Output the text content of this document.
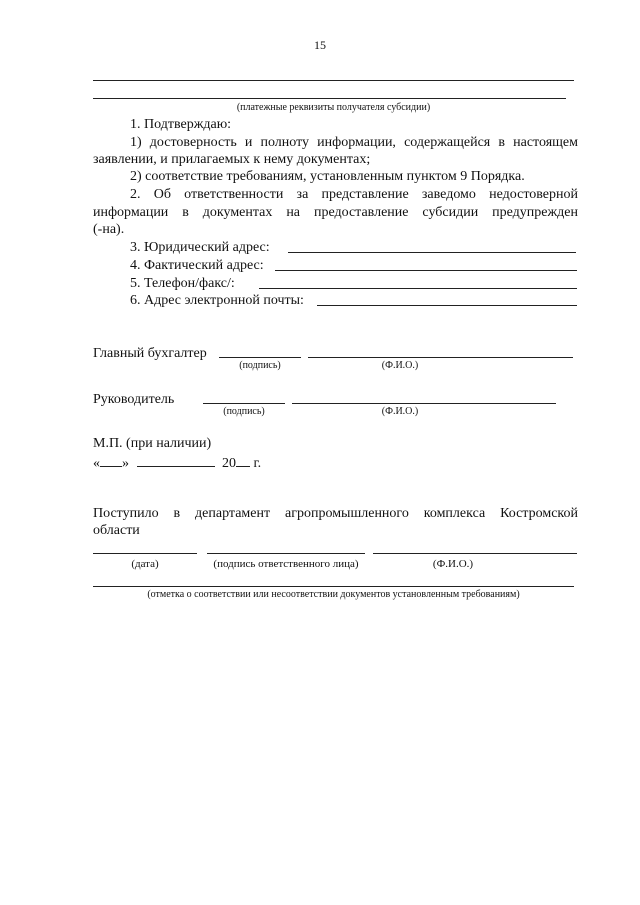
15
(платежные реквизиты получателя субсидии)
1. Подтверждаю:
1) достоверность и полноту информации, содержащейся в настоящем
заявлении, и прилагаемых к нему документах;
2) соответствие требованиям, установленным пунктом 9 Порядка.
2. Об ответственности за представление заведомо недостоверной
информации в документах на предоставление субсидии предупрежден
(-на).
3. Юридический адрес:
4. Фактический адрес:
5. Телефон/факс/:
6. Адрес электронной почты:
Главный бухгалтер
(подпись)	(Ф.И.О.)
Руководитель
(подпись)	(Ф.И.О.)
М.П. (при наличии)
« »	20 г.
Поступило в департамент агропромышленного комплекса Костромской
области
(дата)	(подпись ответственного лица)	(Ф.И.О.)
(отметка о соответствии или несоответствии документов установленным требованиям)
